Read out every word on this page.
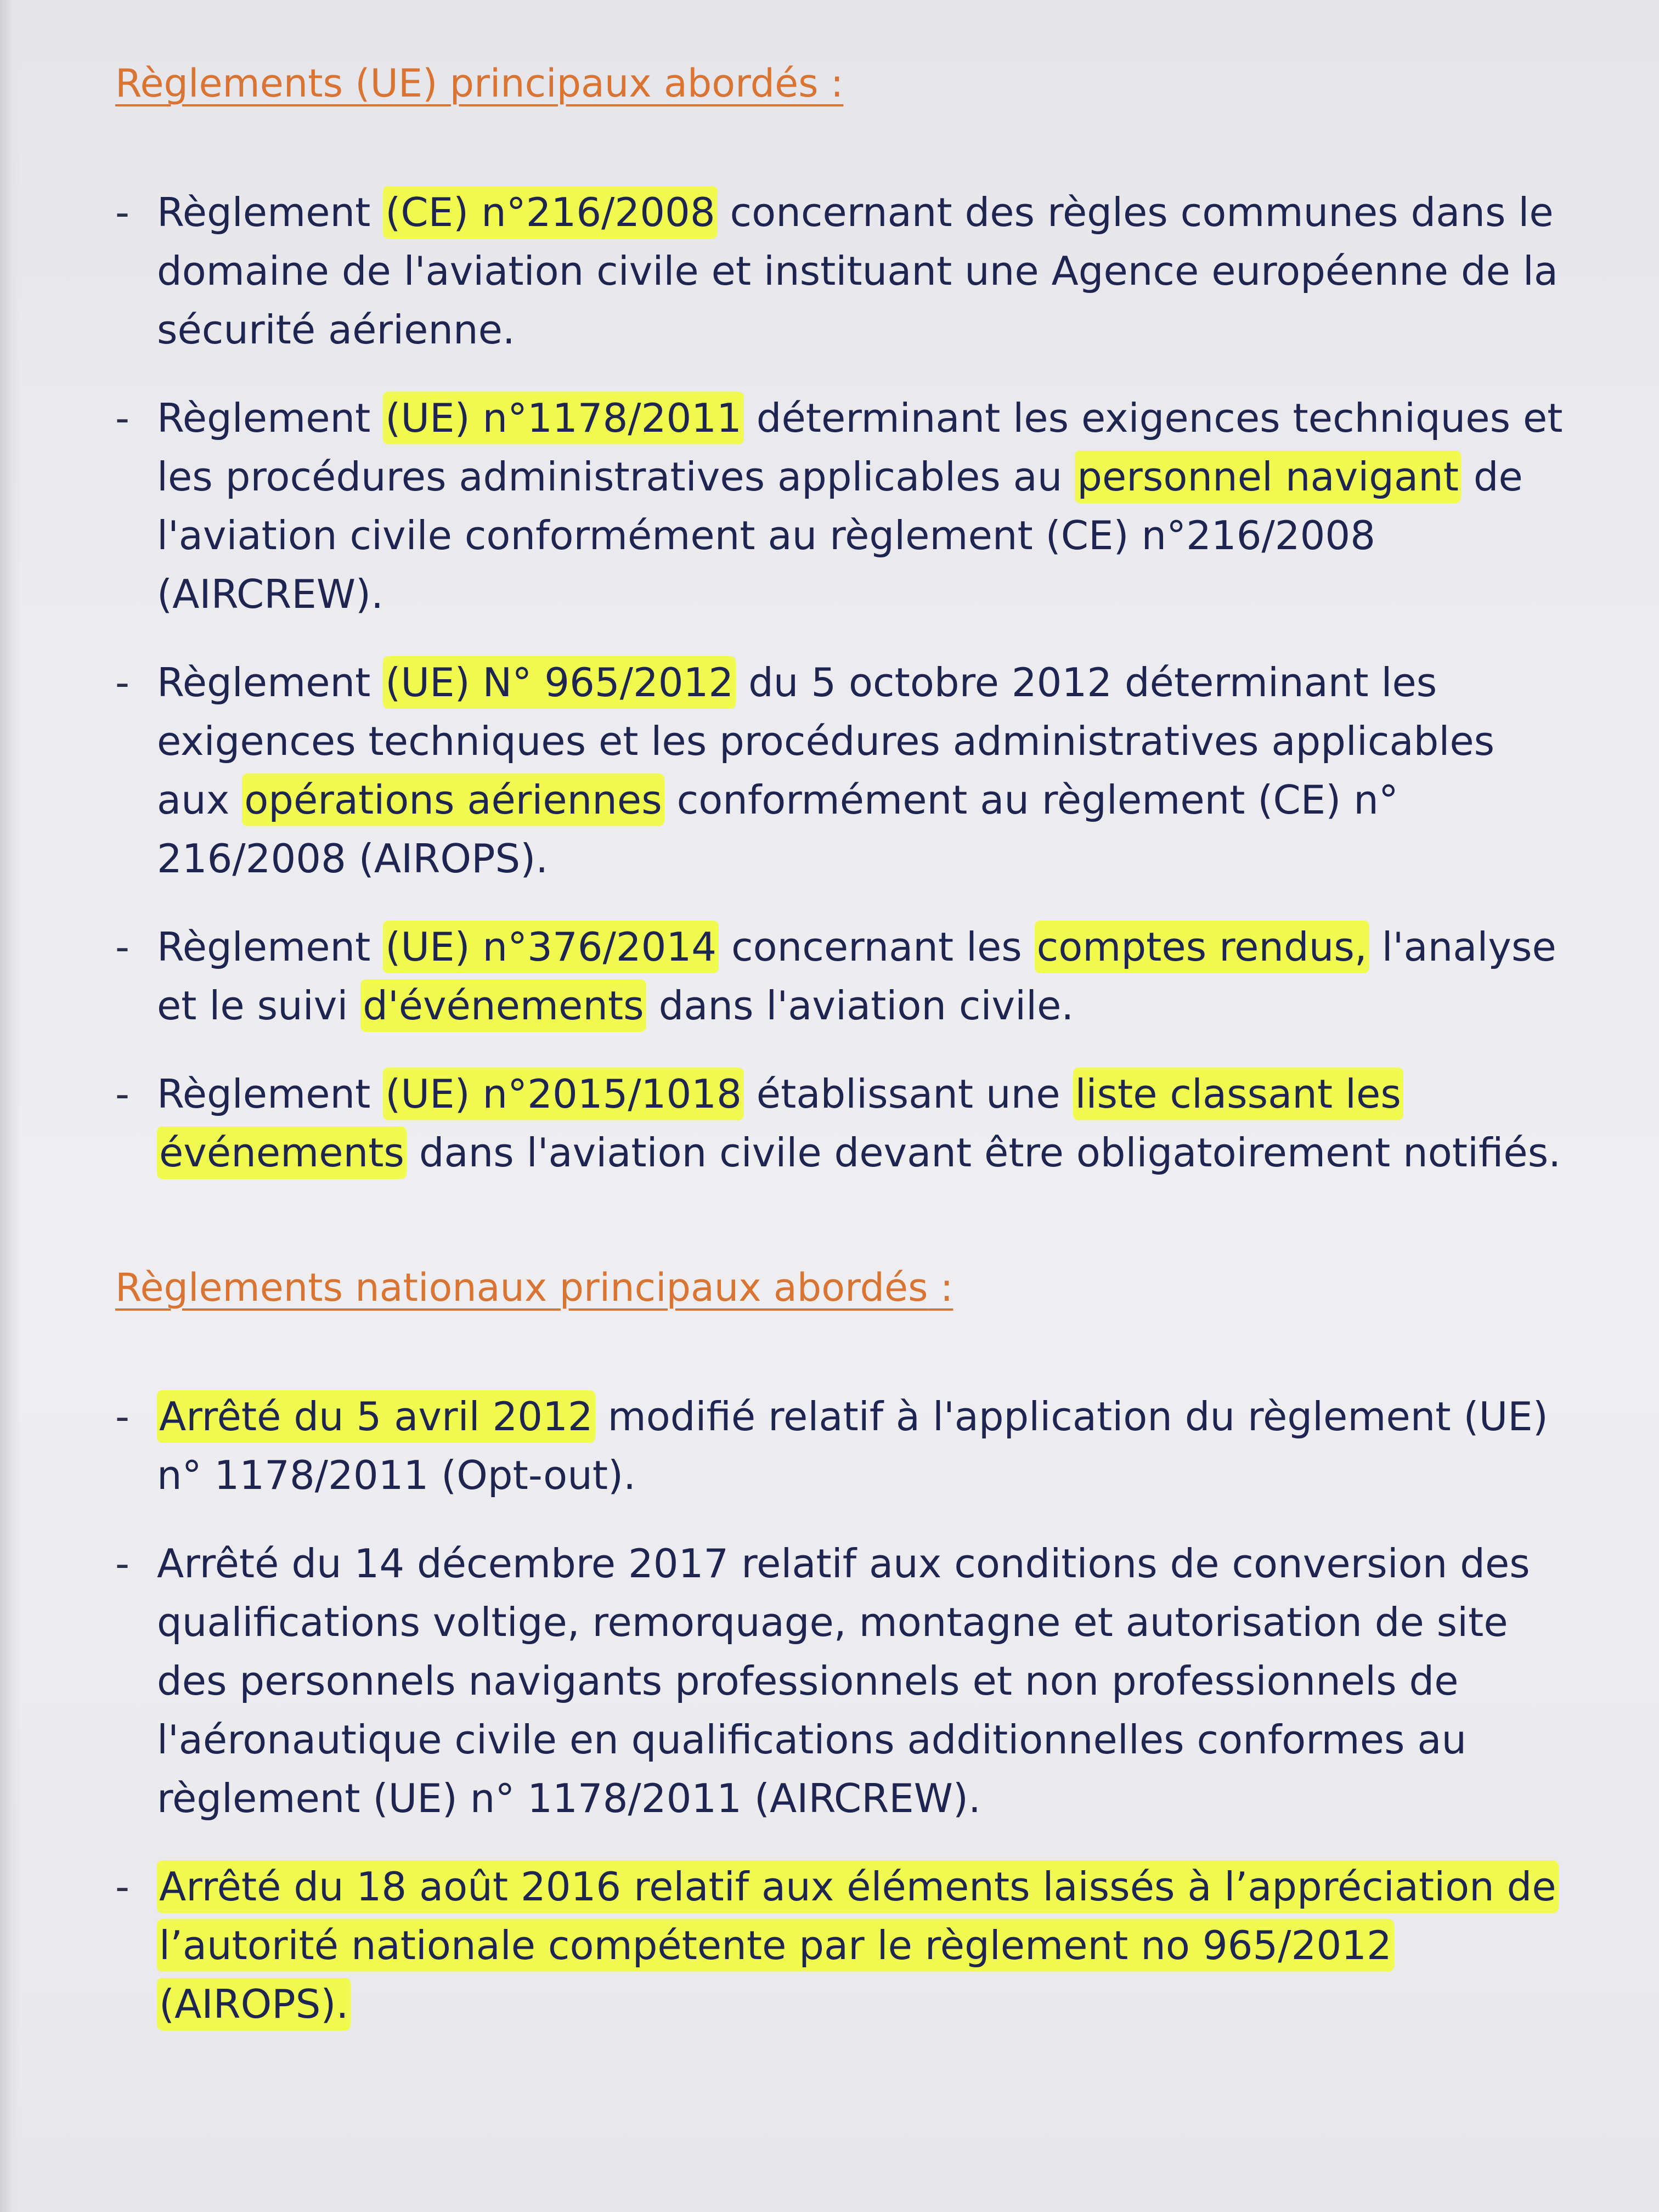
Règlements (UE) principaux abordés :
- Règlement (CE) n°216/2008 concernant des règles communes dans le domaine de l'aviation civile et instituant une Agence européenne de la sécurité aérienne.
- Règlement (UE) n°1178/2011 déterminant les exigences techniques et les procédures administratives applicables au personnel navigant de l'aviation civile conformément au règlement (CE) n°216/2008 (AIRCREW).
- Règlement (UE) N° 965/2012 du 5 octobre 2012 déterminant les exigences techniques et les procédures administratives applicables aux opérations aériennes conformément au règlement (CE) n° 216/2008 (AIROPS).
- Règlement (UE) n°376/2014 concernant les comptes rendus, l'analyse et le suivi d'événements dans l'aviation civile.
- Règlement (UE) n°2015/1018 établissant une liste classant les événements dans l'aviation civile devant être obligatoirement notifiés.
Règlements nationaux principaux abordés :
- Arrêté du 5 avril 2012 modifié relatif à l'application du règlement (UE) n° 1178/2011 (Opt-out).
- Arrêté du 14 décembre 2017 relatif aux conditions de conversion des qualifications voltige, remorquage, montagne et autorisation de site des personnels navigants professionnels et non professionnels de l'aéronautique civile en qualifications additionnelles conformes au règlement (UE) n° 1178/2011 (AIRCREW).
- Arrêté du 18 août 2016 relatif aux éléments laissés à l’appréciation de l’autorité nationale compétente par le règlement no 965/2012 (AIROPS).
